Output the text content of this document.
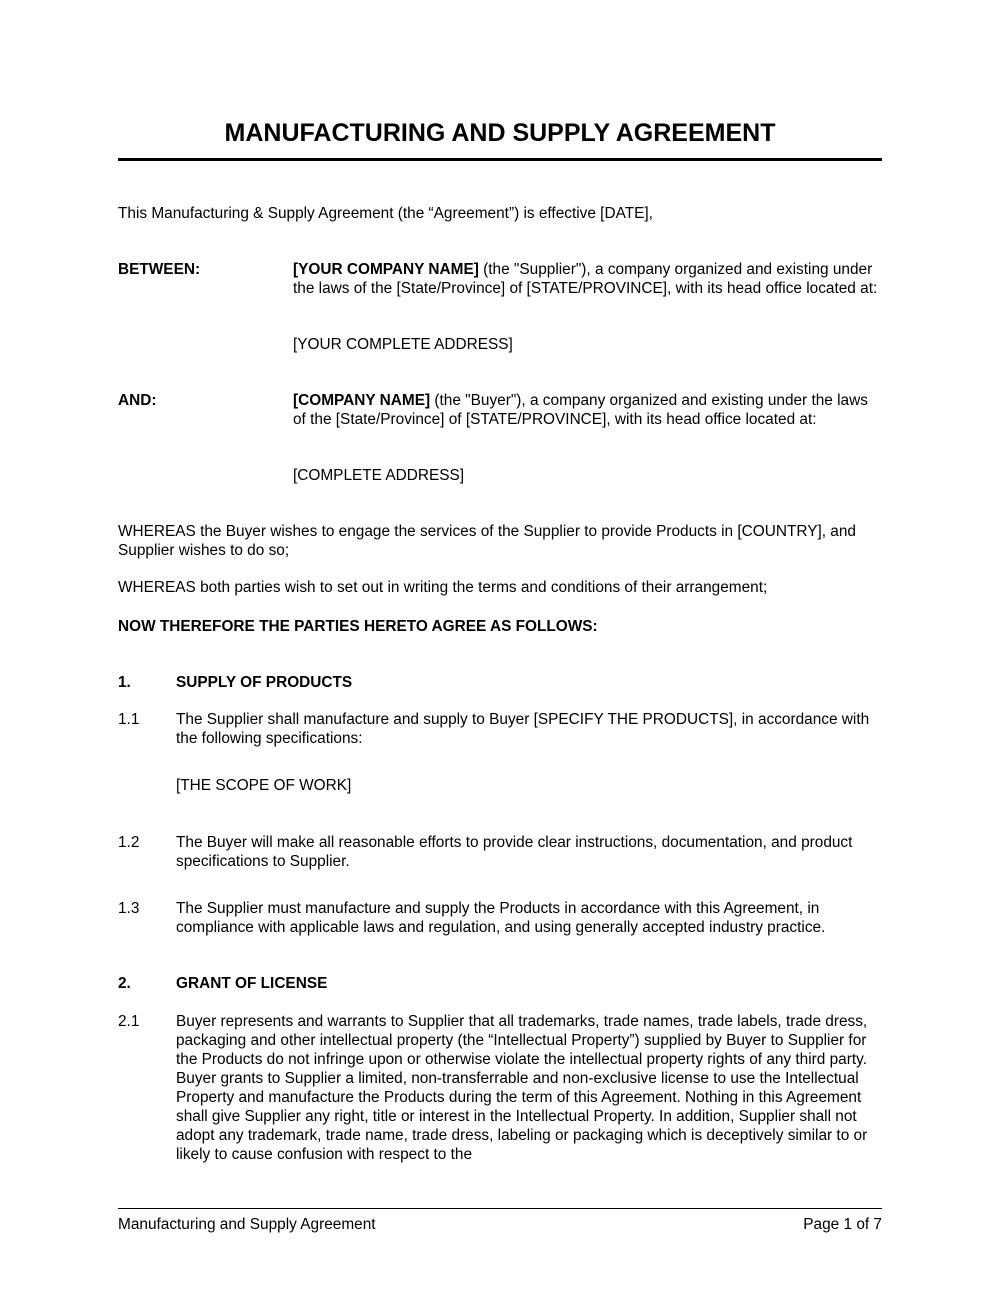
MANUFACTURING AND SUPPLY AGREEMENT

This Manufacturing & Supply Agreement (the “Agreement”) is effective [DATE],

BETWEEN:	[YOUR COMPANY NAME] (the "Supplier"), a company organized and existing under the laws of the [State/Province] of [STATE/PROVINCE], with its head office located at:

[YOUR COMPLETE ADDRESS]

AND:	[COMPANY NAME] (the "Buyer"), a company organized and existing under the laws of the [State/Province] of [STATE/PROVINCE], with its head office located at:

[COMPLETE ADDRESS]

WHEREAS the Buyer wishes to engage the services of the Supplier to provide Products in [COUNTRY], and Supplier wishes to do so;

WHEREAS both parties wish to set out in writing the terms and conditions of their arrangement;

NOW THEREFORE THE PARTIES HERETO AGREE AS FOLLOWS:

1.	SUPPLY OF PRODUCTS
1.1 The Supplier shall manufacture and supply to Buyer [SPECIFY THE PRODUCTS], in accordance with the following specifications:

[THE SCOPE OF WORK]

1.2 The Buyer will make all reasonable efforts to provide clear instructions, documentation, and product specifications to Supplier.

1.3 The Supplier must manufacture and supply the Products in accordance with this Agreement, in compliance with applicable laws and regulation, and using generally accepted industry practice.

2.	GRANT OF LICENSE
2.1 Buyer represents and warrants to Supplier that all trademarks, trade names, trade labels, trade dress, packaging and other intellectual property (the “Intellectual Property”) supplied by Buyer to Supplier for the Products do not infringe upon or otherwise violate the intellectual property rights of any third party. Buyer grants to Supplier a limited, non-transferrable and non-exclusive license to use the Intellectual Property and manufacture the Products during the term of this Agreement. Nothing in this Agreement shall give Supplier any right, title or interest in the Intellectual Property. In addition, Supplier shall not adopt any trademark, trade name, trade dress, labeling or packaging which is deceptively similar to or likely to cause confusion with respect to the

Manufacturing and Supply Agreement	Page 1 of 7
